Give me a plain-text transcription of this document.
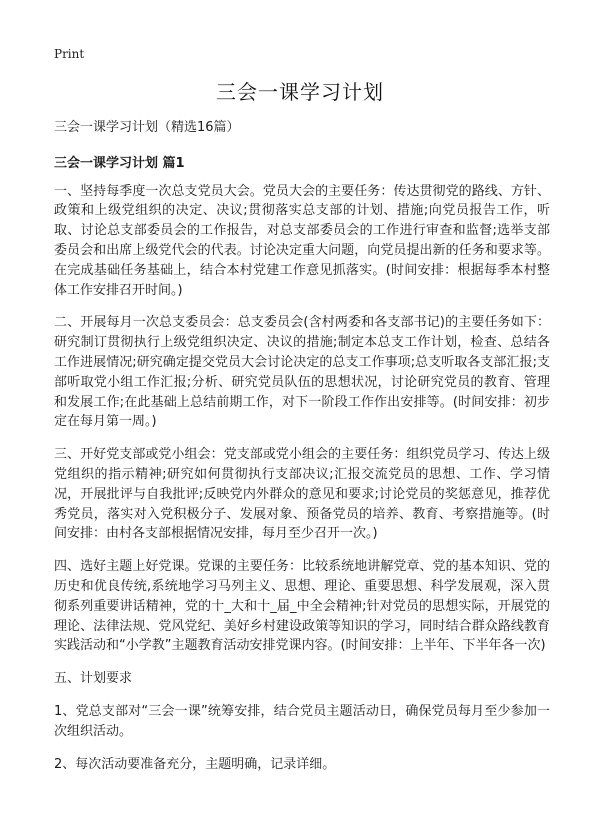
Print
三会一课学习计划

三会一课学习计划（精选16篇）

三会一课学习计划 篇1

一、坚持每季度一次总支党员大会。党员大会的主要任务：传达贯彻党的路线、方针、政策和上级党组织的决定、决议;贯彻落实总支部的计划、措施;向党员报告工作，听取、讨论总支部委员会的工作报告，对总支部委员会的工作进行审查和监督;选举支部委员会和出席上级党代会的代表。讨论决定重大问题，向党员提出新的任务和要求等。在完成基础任务基础上，结合本村党建工作意见抓落实。(时间安排：根据每季本村整体工作安排召开时间。)

二、开展每月一次总支委员会：总支委员会(含村两委和各支部书记)的主要任务如下：研究制订贯彻执行上级党组织决定、决议的措施;制定本总支工作计划，检查、总结各工作进展情况;研究确定提交党员大会讨论决定的总支工作事项;总支听取各支部汇报;支部听取党小组工作汇报;分析、研究党员队伍的思想状况，讨论研究党员的教育、管理和发展工作;在此基础上总结前期工作，对下一阶段工作作出安排等。(时间安排：初步定在每月第一周。)

三、开好党支部或党小组会：党支部或党小组会的主要任务：组织党员学习、传达上级党组织的指示精神;研究如何贯彻执行支部决议;汇报交流党员的思想、工作、学习情况，开展批评与自我批评;反映党内外群众的意见和要求;讨论党员的奖惩意见，推荐优秀党员，落实对入党积极分子、发展对象、预备党员的培养、教育、考察措施等。(时间安排：由村各支部根据情况安排，每月至少召开一次。)

四、选好主题上好党课。党课的主要任务：比较系统地讲解党章、党的基本知识、党的历史和优良传统,系统地学习马列主义、思想、理论、重要思想、科学发展观，深入贯彻系列重要讲话精神，党的十_大和十_届_中全会精神;针对党员的思想实际，开展党的理论、法律法规、党风党纪、美好乡村建设政策等知识的学习，同时结合群众路线教育实践活动和“小学教”主题教育活动安排党课内容。(时间安排：上半年、下半年各一次)

五、计划要求

1、党总支部对“三会一课”统筹安排，结合党员主题活动日，确保党员每月至少参加一次组织活动。

2、每次活动要准备充分，主题明确，记录详细。
